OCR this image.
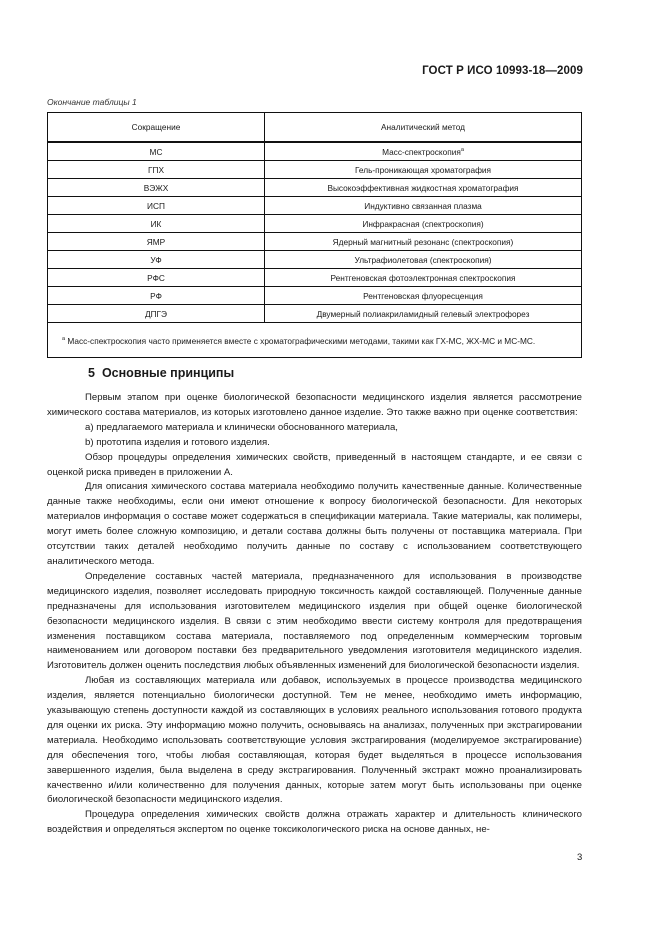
ГОСТ Р ИСО 10993-18—2009
Окончание таблицы 1
Сокращение	Аналитический метод
МС	Масс-спектроскопия$^a$
ГПХ	Гель-проникающая хроматография
ВЭЖХ	Высокоэффективная жидкостная хроматография
ИСП	Индуктивно связанная плазма
ИК	Инфракрасная (спектроскопия)
ЯМР	Ядерный магнитный резонанс (спектроскопия)
УФ	Ультрафиолетовая (спектроскопия)
РФС	Рентгеновская фотоэлектронная спектроскопия
РФ	Рентгеновская флуоресценция
ДПГЭ	Двумерный полиакриламидный гелевый электрофорез
$^a$ Масс-спектроскопия часто применяется вместе с хроматографическими методами, такими как ГХ-МС, ЖХ-МС и МС-МС.	
5 Основные принципы

Первым этапом при оценке биологической безопасности медицинского изделия является рассмотрение химического состава материалов, из которых изготовлено данное изделие. Это также важно при оценке соответствия:

a) предлагаемого материала и клинически обоснованного материала,

b) прототипа изделия и готового изделия.

Обзор процедуры определения химических свойств, приведенный в настоящем стандарте, и ее связи с оценкой риска приведен в приложении А.

Для описания химического состава материала необходимо получить качественные данные. Количественные данные также необходимы, если они имеют отношение к вопросу биологической безопасности. Для некоторых материалов информация о составе может содержаться в спецификации материала. Такие материалы, как полимеры, могут иметь более сложную композицию, и детали состава должны быть получены от поставщика материала. При отсутствии таких деталей необходимо получить данные по составу с использованием соответствующего аналитического метода.

Определение составных частей материала, предназначенного для использования в производстве медицинского изделия, позволяет исследовать природную токсичность каждой составляющей. Полученные данные предназначены для использования изготовителем медицинского изделия при общей оценке биологической безопасности медицинского изделия. В связи с этим необходимо ввести систему контроля для предотвращения изменения поставщиком состава материала, поставляемого под определенным коммерческим торговым наименованием или договором поставки без предварительного уведомления изготовителя медицинского изделия. Изготовитель должен оценить последствия любых объявленных изменений для биологической безопасности изделия.

Любая из составляющих материала или добавок, используемых в процессе производства медицинского изделия, является потенциально биологически доступной. Тем не менее, необходимо иметь информацию, указывающую степень доступности каждой из составляющих в условиях реального использования готового продукта для оценки их риска. Эту информацию можно получить, основываясь на анализах, полученных при экстрагировании материала. Необходимо использовать соответствующие условия экстрагирования (моделируемое экстрагирование) для обеспечения того, чтобы любая составляющая, которая будет выделяться в процессе использования завершенного изделия, была выделена в среду экстрагирования. Полученный экстракт можно проанализировать качественно и/или количественно для получения данных, которые затем могут быть использованы при оценке биологической безопасности медицинского изделия.

Процедура определения химических свойств должна отражать характер и длительность клинического воздействия и определяться экспертом по оценке токсикологического риска на основе данных, не-

3
